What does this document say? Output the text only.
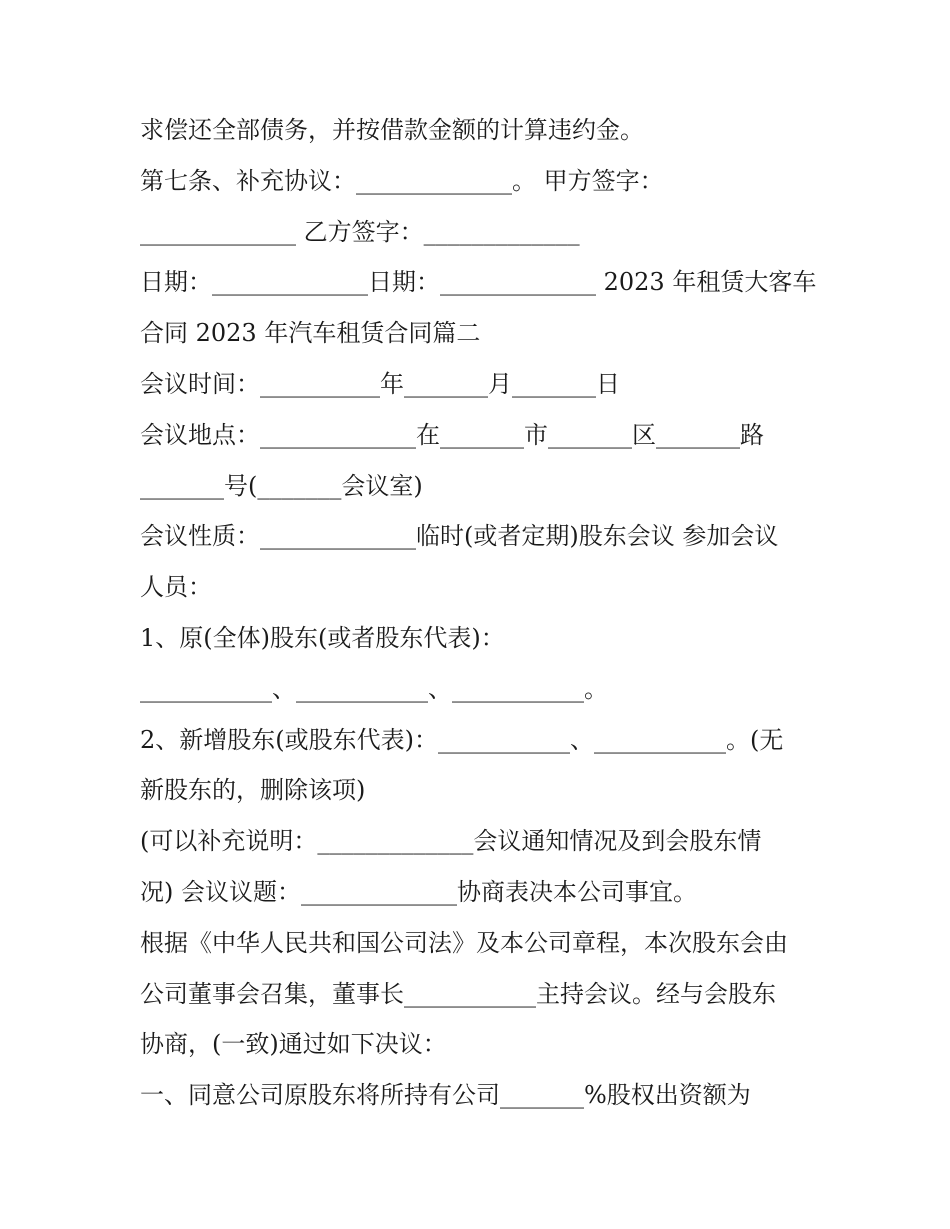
求偿还全部债务，并按借款金额的计算违约金。
第七条、补充协议：_____________。 甲方签字：
_____________ 乙方签字：_____________
日期：_____________日期：_____________ 2023 年租赁大客车
合同 2023 年汽车租赁合同篇二
会议时间：__________年_______月_______日
会议地点：_____________在_______市_______区_______路
_______号(_______会议室)
会议性质：_____________临时(或者定期)股东会议 参加会议
人员：
1、原(全体)股东(或者股东代表)：
___________、___________、___________。
2、新增股东(或股东代表)：___________、___________。(无
新股东的，删除该项)
(可以补充说明：_____________会议通知情况及到会股东情
况) 会议议题：_____________协商表决本公司事宜。
根据《中华人民共和国公司法》及本公司章程，本次股东会由
公司董事会召集，董事长___________主持会议。经与会股东
协商，(一致)通过如下决议：
一、同意公司原股东将所持有公司_______%股权出资额为
